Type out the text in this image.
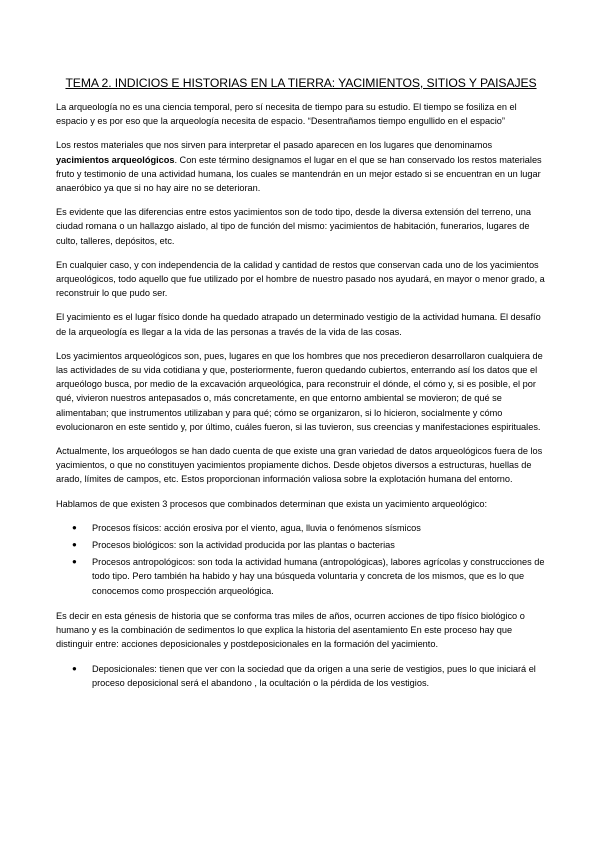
TEMA 2. INDICIOS E HISTORIAS EN LA TIERRA: YACIMIENTOS, SITIOS Y PAISAJES

La arqueología no es una ciencia temporal, pero sí necesita de tiempo para su estudio. El tiempo se fosiliza en el espacio y es por eso que la arqueología necesita de espacio. “Desentrañamos tiempo engullido en el espacio”

Los restos materiales que nos sirven para interpretar el pasado aparecen en los lugares que denominamos yacimientos arqueológicos. Con este término designamos el lugar en el que se han conservado los restos materiales fruto y testimonio de una actividad humana, los cuales se mantendrán en un mejor estado si se encuentran en un lugar anaeróbico ya que si no hay aire no se deterioran.

Es evidente que las diferencias entre estos yacimientos son de todo tipo, desde la diversa extensión del terreno, una ciudad romana o un hallazgo aislado, al tipo de función del mismo: yacimientos de habitación, funerarios, lugares de culto, talleres, depósitos, etc.

En cualquier caso, y con independencia de la calidad y cantidad de restos que conservan cada uno de los yacimientos arqueológicos, todo aquello que fue utilizado por el hombre de nuestro pasado nos ayudará, en mayor o menor grado, a reconstruir lo que pudo ser.

El yacimiento es el lugar físico donde ha quedado atrapado un determinado vestigio de la actividad humana. El desafío de la arqueología es llegar a la vida de las personas a través de la vida de las cosas.

Los yacimientos arqueológicos son, pues, lugares en que los hombres que nos precedieron desarrollaron cualquiera de las actividades de su vida cotidiana y que, posteriormente, fueron quedando cubiertos, enterrando así los datos que el arqueólogo busca, por medio de la excavación arqueológica, para reconstruir el dónde, el cómo y, si es posible, el por qué, vivieron nuestros antepasados o, más concretamente, en que entorno ambiental se movieron; de qué se alimentaban; que instrumentos utilizaban y para qué; cómo se organizaron, si lo hicieron, socialmente y cómo evolucionaron en este sentido y, por último, cuáles fueron, si las tuvieron, sus creencias y manifestaciones espirituales.

Actualmente, los arqueólogos se han dado cuenta de que existe una gran variedad de datos arqueológicos fuera de los yacimientos, o que no constituyen yacimientos propiamente dichos. Desde objetos diversos a estructuras, huellas de arado, límites de campos, etc. Estos proporcionan información valiosa sobre la explotación humana del entorno.

Hablamos de que existen 3 procesos que combinados determinan que exista un yacimiento arqueológico:

● Procesos físicos: acción erosiva por el viento, agua, lluvia o fenómenos sísmicos
● Procesos biológicos: son la actividad producida por las plantas o bacterias
● Procesos antropológicos: son toda la actividad humana (antropológicas), labores agrícolas y construcciones de todo tipo. Pero también ha habido y hay una búsqueda voluntaria y concreta de los mismos, que es lo que conocemos como prospección arqueológica.

Es decir en esta génesis de historia que se conforma tras miles de años, ocurren acciones de tipo físico biológico o humano y es la combinación de sedimentos lo que explica la historia del asentamiento En este proceso hay que distinguir entre: acciones deposicionales y postdeposicionales en la formación del yacimiento.

● Deposicionales: tienen que ver con la sociedad que da origen a una serie de vestigios, pues lo que iniciará el proceso deposicional será el abandono , la ocultación o la pérdida de los vestigios.
